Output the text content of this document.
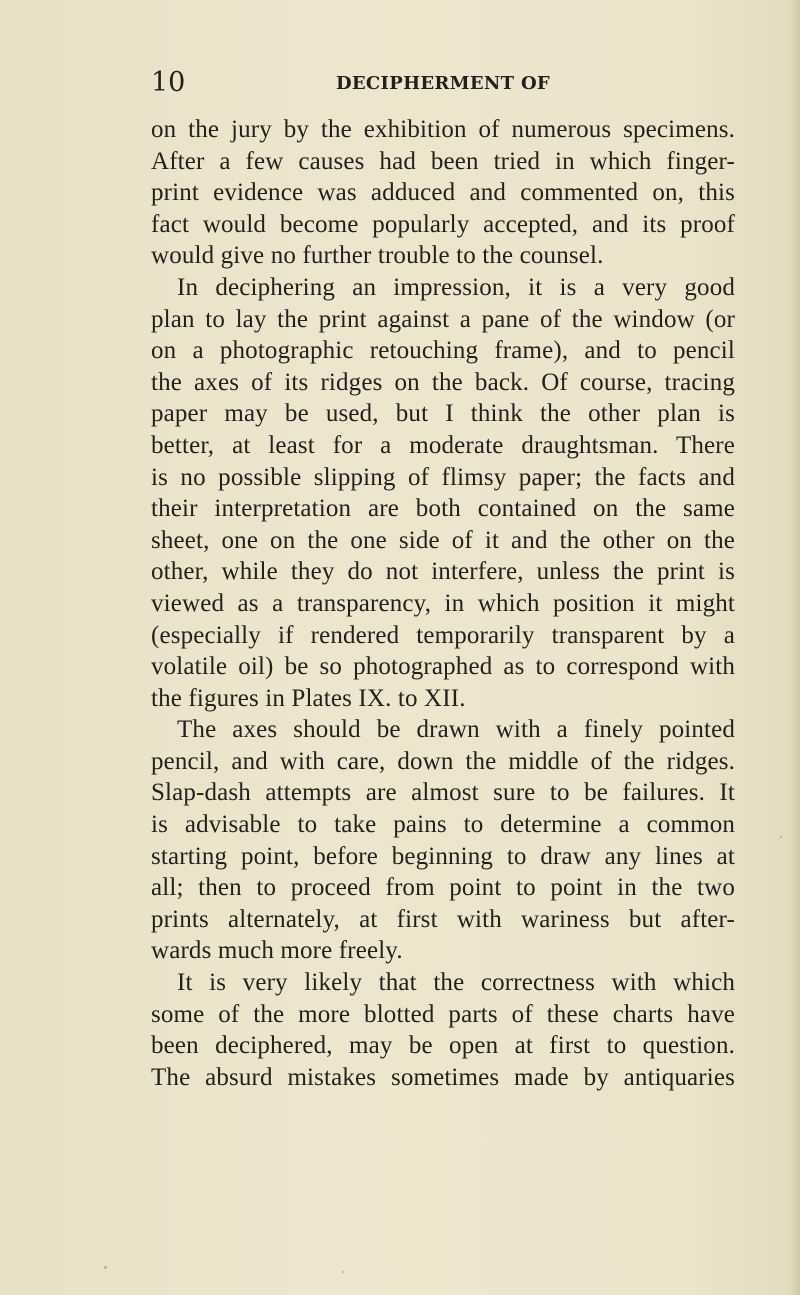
10	DECIPHERMENT OF
on the jury by the exhibition of numerous specimens.
After a few causes had been tried in which finger-
print evidence was adduced and commented on, this
fact would become popularly accepted, and its proof
would give no further trouble to the counsel.
In deciphering an impression, it is a very good
plan to lay the print against a pane of the window (or
on a photographic retouching frame), and to pencil
the axes of its ridges on the back. Of course, tracing
paper may be used, but I think the other plan is
better, at least for a moderate draughtsman. There
is no possible slipping of flimsy paper; the facts and
their interpretation are both contained on the same
sheet, one on the one side of it and the other on the
other, while they do not interfere, unless the print is
viewed as a transparency, in which position it might
(especially if rendered temporarily transparent by a
volatile oil) be so photographed as to correspond with
the figures in Plates IX. to XII.
The axes should be drawn with a finely pointed
pencil, and with care, down the middle of the ridges.
Slap-dash attempts are almost sure to be failures. It
is advisable to take pains to determine a common
starting point, before beginning to draw any lines at
all; then to proceed from point to point in the two
prints alternately, at first with wariness but after-
wards much more freely.
It is very likely that the correctness with which
some of the more blotted parts of these charts have
been deciphered, may be open at first to question.
The absurd mistakes sometimes made by antiquaries
